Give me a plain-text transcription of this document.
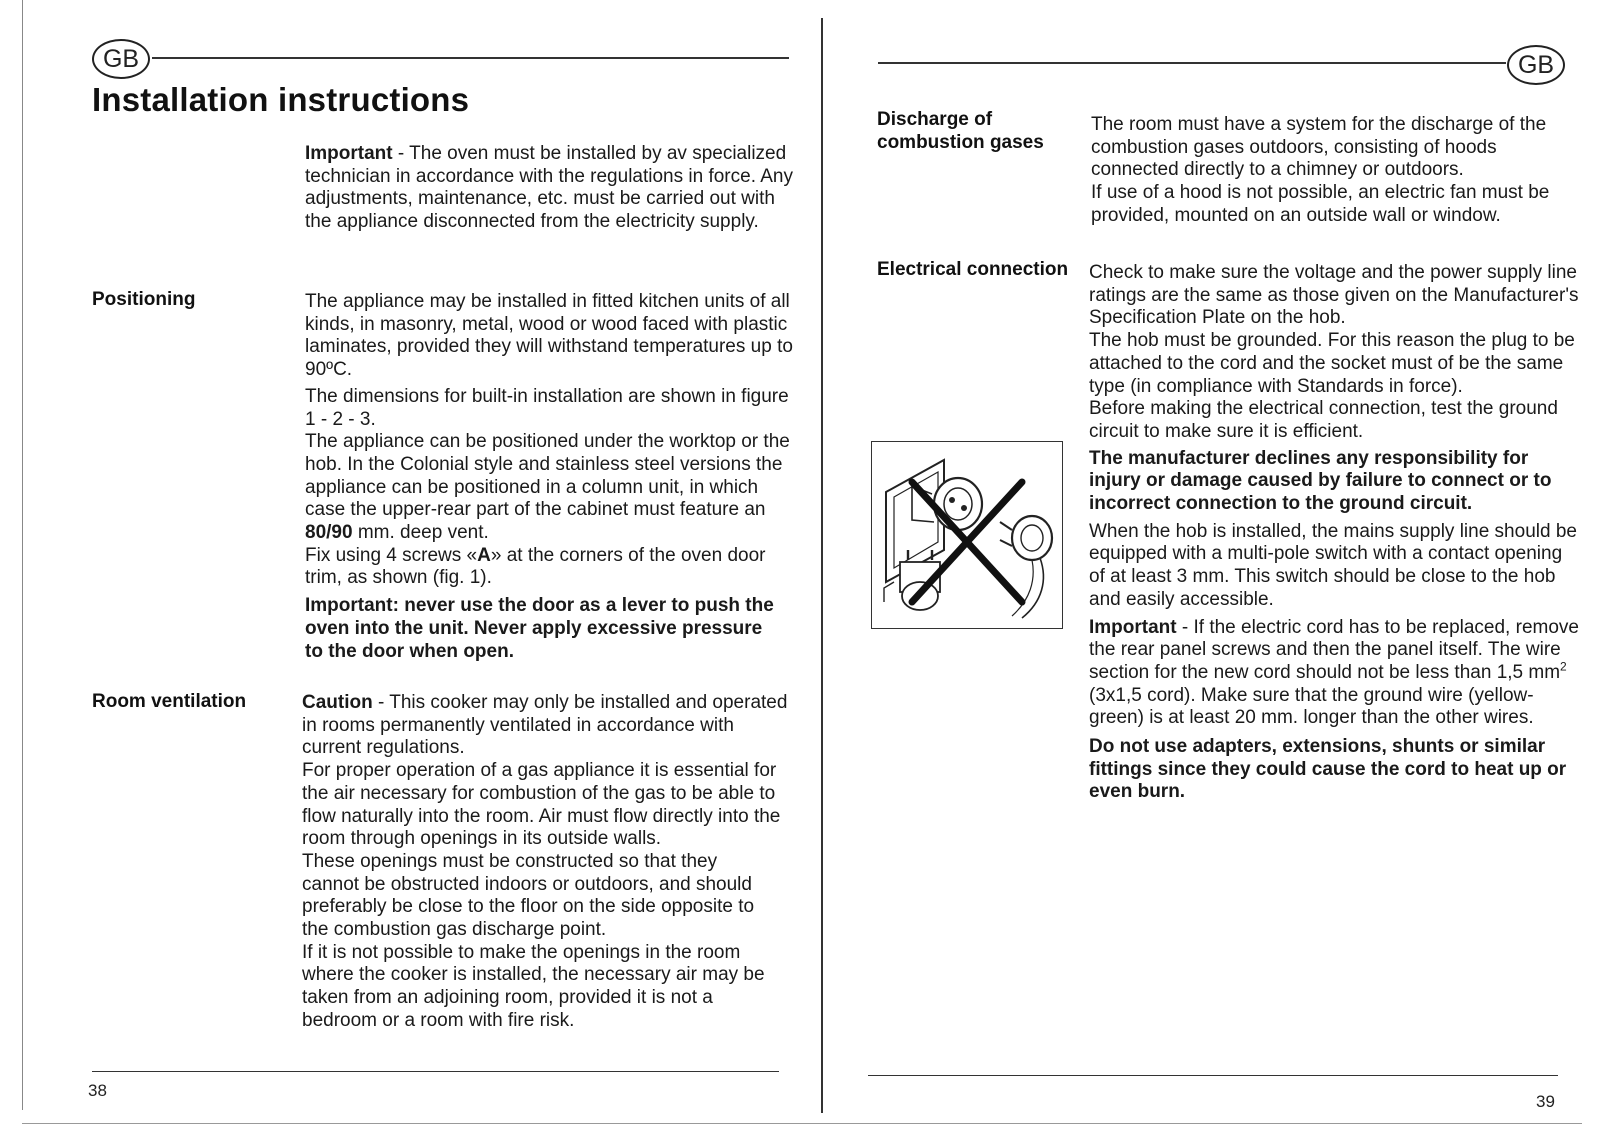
GB
Installation instructions

Important - The oven must be installed by av specialized technician in accordance with the regulations in force. Any adjustments, maintenance, etc. must be carried out with the appliance disconnected from the electricity supply.

Positioning	The appliance may be installed in fitted kitchen units of all kinds, in masonry, metal, wood or wood faced with plastic laminates, provided they will withstand temperatures up to 90ºC.

The dimensions for built-in installation are shown in figure 1 - 2 - 3.

The appliance can be positioned under the worktop or the hob. In the Colonial style and stainless steel versions the appliance can be positioned in a column unit, in which case the upper-rear part of the cabinet must feature an 80/90 mm. deep vent.

Fix using 4 screws «A» at the corners of the oven door trim, as shown (fig. 1).

Important: never use the door as a lever to push the oven into the unit. Never apply excessive pressure to the door when open.

Room ventilation	Caution - This cooker may only be installed and operated in rooms permanently ventilated in accordance with current regulations.

For proper operation of a gas appliance it is essential for the air necessary for combustion of the gas to be able to flow naturally into the room. Air must flow directly into the room through openings in its outside walls.

These openings must be constructed so that they cannot be obstructed indoors or outdoors, and should preferably be close to the floor on the side opposite to the combustion gas discharge point.

If it is not possible to make the openings in the room where the cooker is installed, the necessary air may be taken from an adjoining room, provided it is not a bedroom or a room with fire risk.

38
GB
Discharge of combustion gases

The room must have a system for the discharge of the combustion gases outdoors, consisting of hoods connected directly to a chimney or outdoors.

If use of a hood is not possible, an electric fan must be provided, mounted on an outside wall or window.

Electrical connection Check to make sure the voltage and the power supply line ratings are the same as those given on the Manufacturer's Specification Plate on the hob.

The hob must be grounded. For this reason the plug to be attached to the cord and the socket must of be the same type (in compliance with Standards in force).

Before making the electrical connection, test the ground circuit to make sure it is efficient.

The manufacturer declines any responsibility for injury or damage caused by failure to connect or to incorrect connection to the ground circuit.

When the hob is installed, the mains supply line should be equipped with a multi-pole switch with a contact opening of at least 3 mm. This switch should be close to the hob and easily accessible.

Important - If the electric cord has to be replaced, remove the rear panel screws and then the panel itself. The wire section for the new cord should not be less than 1,5 $mm^2$ (3x1,5 cord). Make sure that the ground wire (yellow-green) is at least 20 mm. longer than the other wires.

Do not use adapters, extensions, shunts or similar fittings since they could cause the cord to heat up or even burn.

39
